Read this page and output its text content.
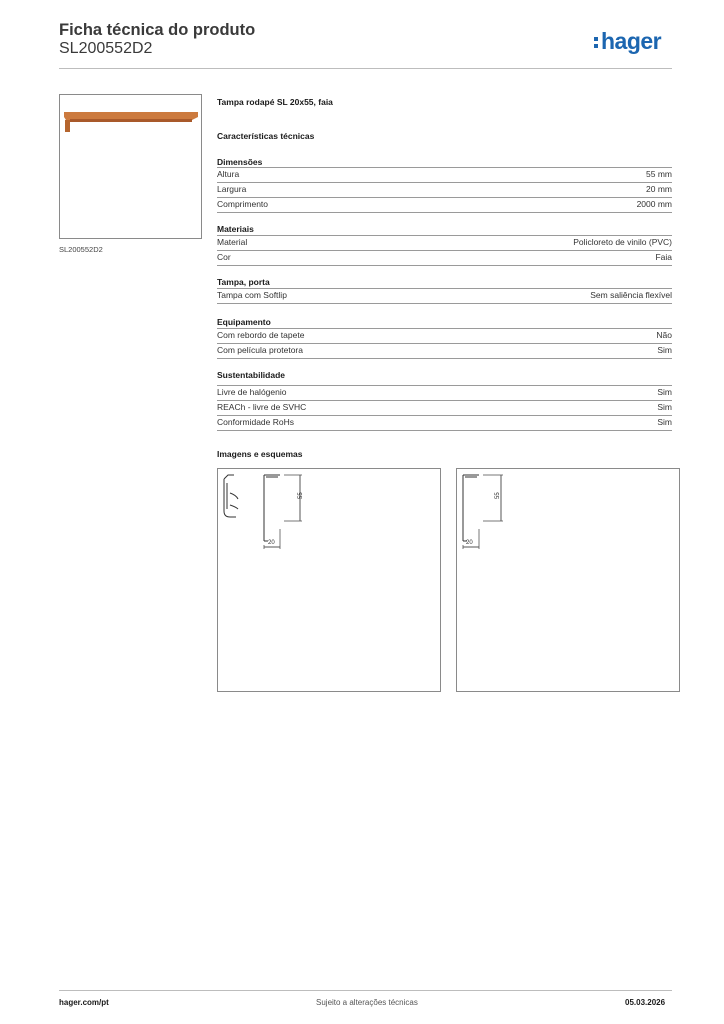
Ficha técnica do produto
SL200552D2	hager
SL200552D2
Tampa rodapé SL 20x55, faia
Características técnicas
Dimensões
Altura	55 mm
Largura	20 mm
Comprimento	2000 mm
Materiais
Material	Policloreto de vinilo (PVC)
Cor	Faia
Tampa, porta
Tampa com Softlip	Sem saliência flexível
Equipamento
Com rebordo de tapete	Não
Com película protetora	Sim
Sustentabilidade
Livre de halógenio	Sim
REACh - livre de SVHC	Sim
Conformidade RoHs	Sim
Imagens e esquemas
55
20
55
20
hager.com/pt	Sujeito a alterações técnicas	05.03.2026
